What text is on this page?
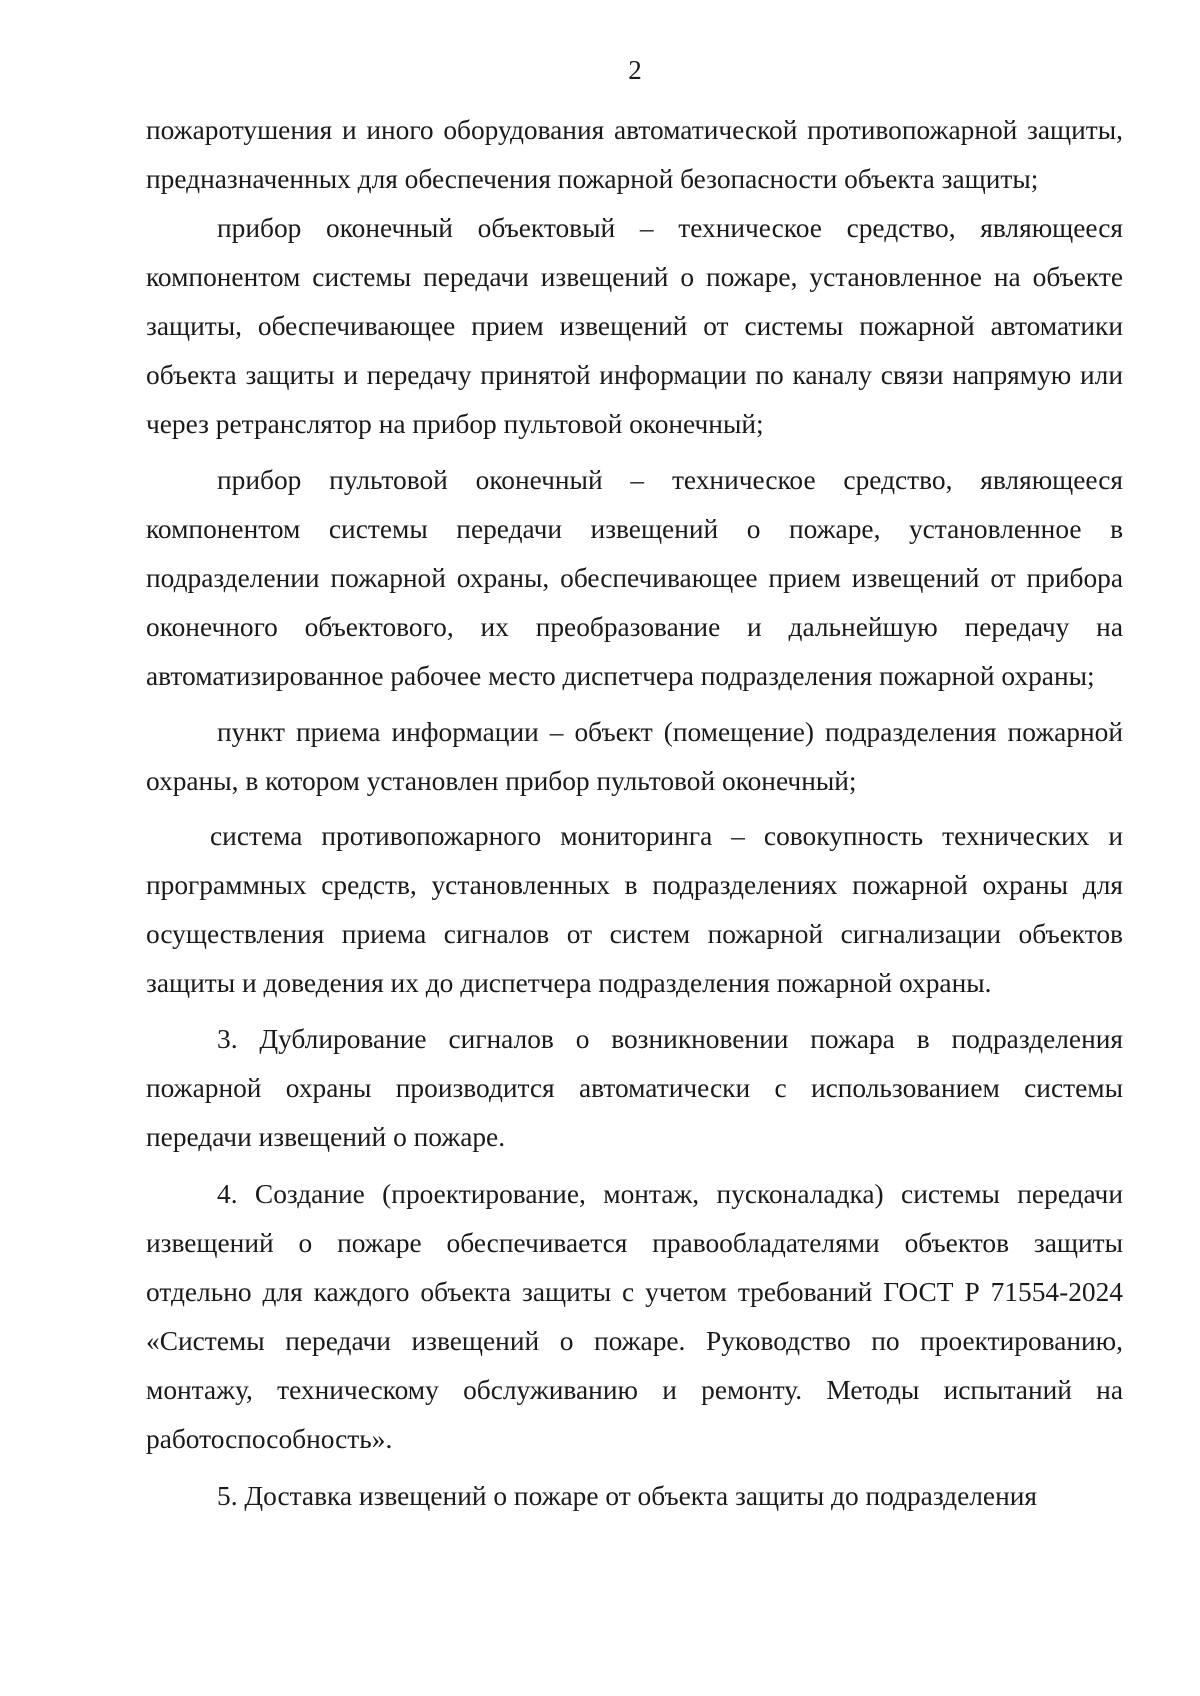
2

пожаротушения и иного оборудования автоматической противопожарной защиты, предназначенных для обеспечения пожарной безопасности объекта защиты;

прибор оконечный объектовый – техническое средство, являющееся компонентом системы передачи извещений о пожаре, установленное на объекте защиты, обеспечивающее прием извещений от системы пожарной автоматики объекта защиты и передачу принятой информации по каналу связи напрямую или через ретранслятор на прибор пультовой оконечный;

прибор пультовой оконечный – техническое средство, являющееся компонентом системы передачи извещений о пожаре, установленное в подразделении пожарной охраны, обеспечивающее прием извещений от прибора оконечного объектового, их преобразование и дальнейшую передачу на автоматизированное рабочее место диспетчера подразделения пожарной охраны;

пункт приема информации – объект (помещение) подразделения пожарной охраны, в котором установлен прибор пультовой оконечный;

система противопожарного мониторинга – совокупность технических и программных средств, установленных в подразделениях пожарной охраны для осуществления приема сигналов от систем пожарной сигнализации объектов защиты и доведения их до диспетчера подразделения пожарной охраны.

3. Дублирование сигналов о возникновении пожара в подразделения пожарной охраны производится автоматически с использованием системы передачи извещений о пожаре.

4. Создание (проектирование, монтаж, пусконаладка) системы передачи извещений о пожаре обеспечивается правообладателями объектов защиты отдельно для каждого объекта защиты с учетом требований ГОСТ Р 71554-2024 «Системы передачи извещений о пожаре. Руководство по проектированию, монтажу, техническому обслуживанию и ремонту. Методы испытаний на работоспособность».

5. Доставка извещений о пожаре от объекта защиты до подразделения
